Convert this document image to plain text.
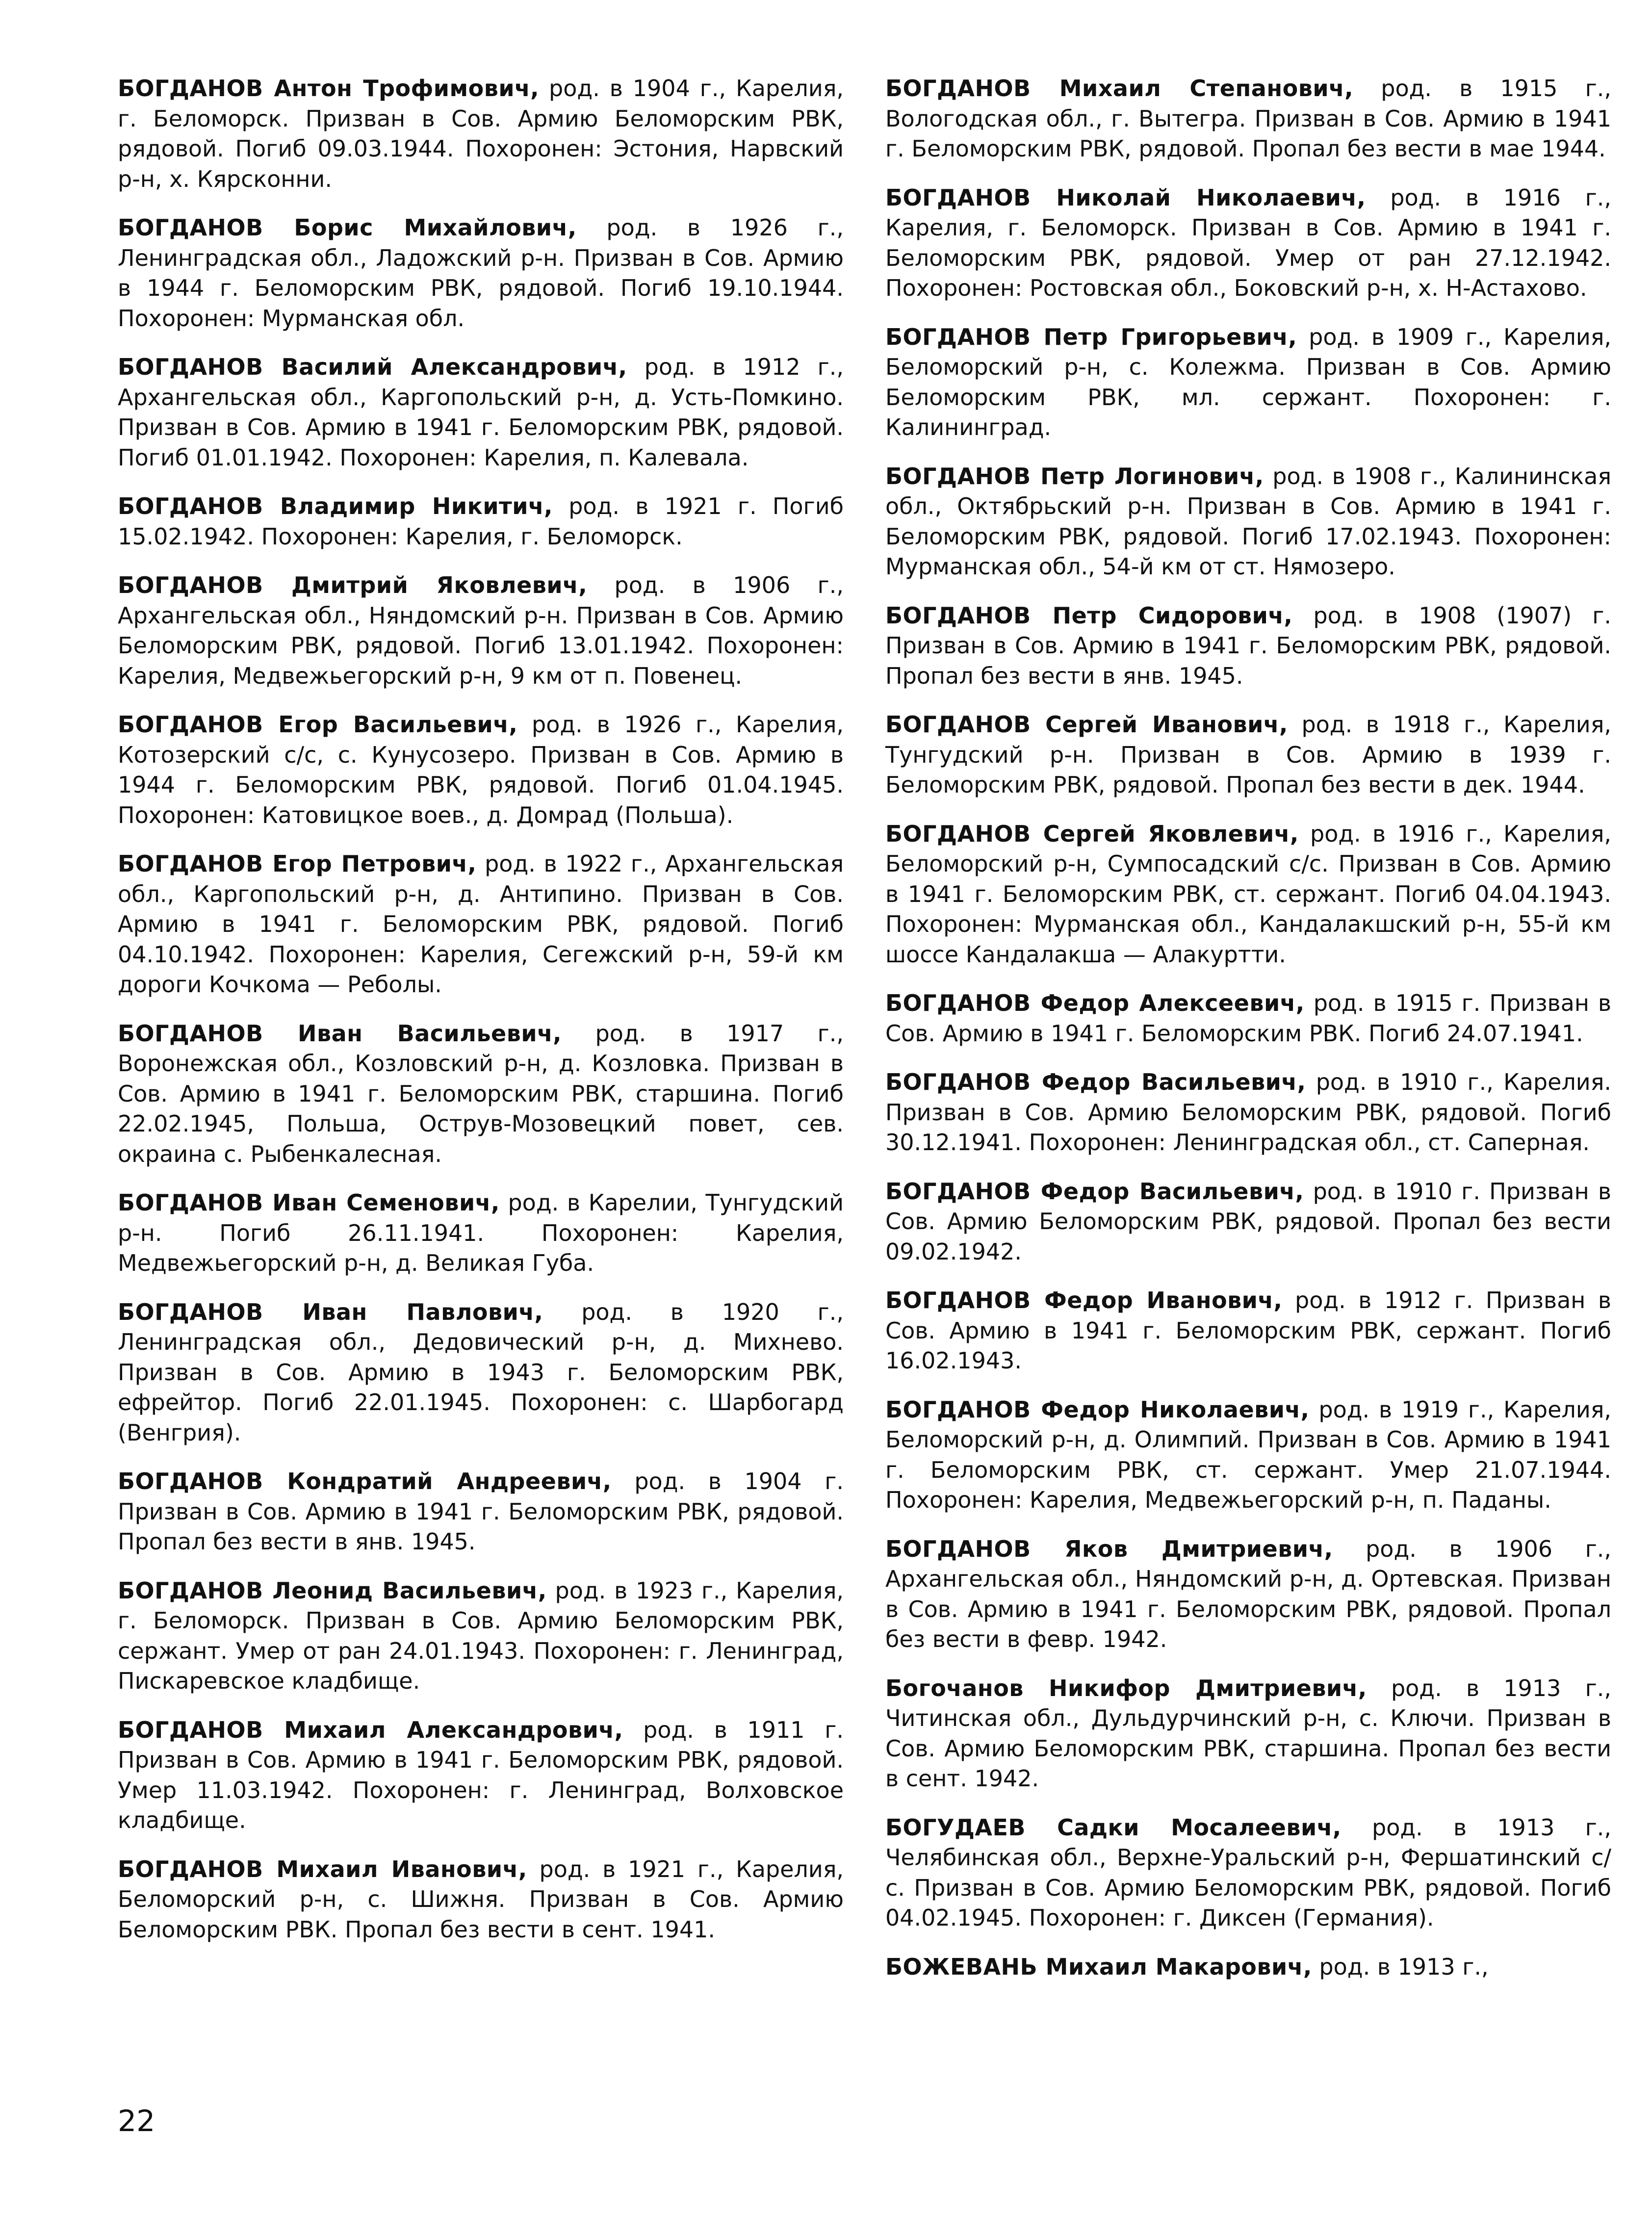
БОГДАНОВ Антон Трофимович, род. в 1904 г., Карелия, г. Беломорск. Призван в Сов. Армию Беломорским РВК, рядовой. Погиб 09.03.1944. Похоронен: Эстония, Нарвский р-н, х. Кярсконни.

БОГДАНОВ Борис Михайлович, род. в 1926 г., Ленинградская обл., Ладожский р-н. Призван в Сов. Армию в 1944 г. Беломорским РВК, рядовой. Погиб 19.10.1944. Похоронен: Мурманская обл.

БОГДАНОВ Василий Александрович, род. в 1912 г., Архангельская обл., Каргопольский р-н, д. Усть-Помкино. Призван в Сов. Армию в 1941 г. Беломорским РВК, рядовой. Погиб 01.01.1942. Похоронен: Карелия, п. Калевала.

БОГДАНОВ Владимир Никитич, род. в 1921 г. Погиб 15.02.1942. Похоронен: Карелия, г. Беломорск.

БОГДАНОВ Дмитрий Яковлевич, род. в 1906 г., Архангельская обл., Няндомский р-н. Призван в Сов. Армию Беломорским РВК, рядовой. Погиб 13.01.1942. Похоронен: Карелия, Медвежьегорский р-н, 9 км от п. Повенец.

БОГДАНОВ Егор Васильевич, род. в 1926 г., Карелия, Котозерский с/с, с. Кунусозеро. Призван в Сов. Армию в 1944 г. Беломорским РВК, рядовой. Погиб 01.04.1945. Похоронен: Катовицкое воев., д. Домрад (Польша).

БОГДАНОВ Егор Петрович, род. в 1922 г., Архангельская обл., Каргопольский р-н, д. Антипино. Призван в Сов. Армию в 1941 г. Беломорским РВК, рядовой. Погиб 04.10.1942. Похоронен: Карелия, Сегежский р-н, 59-й км дороги Кочкома — Реболы.

БОГДАНОВ Иван Васильевич, род. в 1917 г., Воронежская обл., Козловский р-н, д. Козловка. Призван в Сов. Армию в 1941 г. Беломорским РВК, старшина. Погиб 22.02.1945, Польша, Острув-Мозовецкий повет, сев. окраина с. Рыбенкалесная.

БОГДАНОВ Иван Семенович, род. в Карелии, Тунгудский р-н. Погиб 26.11.1941. Похоронен: Карелия, Медвежьегорский р-н, д. Великая Губа.

БОГДАНОВ Иван Павлович, род. в 1920 г., Ленинградская обл., Дедовический р-н, д. Михнево. Призван в Сов. Армию в 1943 г. Беломорским РВК, ефрейтор. Погиб 22.01.1945. Похоронен: с. Шарбогард (Венгрия).

БОГДАНОВ Кондратий Андреевич, род. в 1904 г. Призван в Сов. Армию в 1941 г. Беломорским РВК, рядовой. Пропал без вести в янв. 1945.

БОГДАНОВ Леонид Васильевич, род. в 1923 г., Карелия, г. Беломорск. Призван в Сов. Армию Беломорским РВК, сержант. Умер от ран 24.01.1943. Похоронен: г. Ленинград, Пискаревское кладбище.

БОГДАНОВ Михаил Александрович, род. в 1911 г. Призван в Сов. Армию в 1941 г. Беломорским РВК, рядовой. Умер 11.03.1942. Похоронен: г. Ленинград, Волховское кладбище.

БОГДАНОВ Михаил Иванович, род. в 1921 г., Карелия, Беломорский р-н, с. Шижня. Призван в Сов. Армию Беломорским РВК. Пропал без вести в сент. 1941.

БОГДАНОВ Михаил Степанович, род. в 1915 г., Вологодская обл., г. Вытегра. Призван в Сов. Армию в 1941 г. Беломорским РВК, рядовой. Пропал без вести в мае 1944.

БОГДАНОВ Николай Николаевич, род. в 1916 г., Карелия, г. Беломорск. Призван в Сов. Армию в 1941 г. Беломорским РВК, рядовой. Умер от ран 27.12.1942. Похоронен: Ростовская обл., Боковский р-н, х. Н-Астахово.

БОГДАНОВ Петр Григорьевич, род. в 1909 г., Карелия, Беломорский р-н, с. Колежма. Призван в Сов. Армию Беломорским РВК, мл. сержант. Похоронен: г. Калининград.

БОГДАНОВ Петр Логинович, род. в 1908 г., Калининская обл., Октябрьский р-н. Призван в Сов. Армию в 1941 г. Беломорским РВК, рядовой. Погиб 17.02.1943. Похоронен: Мурманская обл., 54-й км от ст. Нямозеро.

БОГДАНОВ Петр Сидорович, род. в 1908 (1907) г. Призван в Сов. Армию в 1941 г. Беломорским РВК, рядовой. Пропал без вести в янв. 1945.

БОГДАНОВ Сергей Иванович, род. в 1918 г., Карелия, Тунгудский р-н. Призван в Сов. Армию в 1939 г. Беломорским РВК, рядовой. Пропал без вести в дек. 1944.

БОГДАНОВ Сергей Яковлевич, род. в 1916 г., Карелия, Беломорский р-н, Сумпосадский с/с. Призван в Сов. Армию в 1941 г. Беломорским РВК, ст. сержант. Погиб 04.04.1943. Похоронен: Мурманская обл., Кандалакшский р-н, 55-й км шоссе Кандалакша — Алакуртти.

БОГДАНОВ Федор Алексеевич, род. в 1915 г. Призван в Сов. Армию в 1941 г. Беломорским РВК. Погиб 24.07.1941.

БОГДАНОВ Федор Васильевич, род. в 1910 г., Карелия. Призван в Сов. Армию Беломорским РВК, рядовой. Погиб 30.12.1941. Похоронен: Ленинградская обл., ст. Саперная.

БОГДАНОВ Федор Васильевич, род. в 1910 г. Призван в Сов. Армию Беломорским РВК, рядовой. Пропал без вести 09.02.1942.

БОГДАНОВ Федор Иванович, род. в 1912 г. Призван в Сов. Армию в 1941 г. Беломорским РВК, сержант. Погиб 16.02.1943.

БОГДАНОВ Федор Николаевич, род. в 1919 г., Карелия, Беломорский р-н, д. Олимпий. Призван в Сов. Армию в 1941 г. Беломорским РВК, ст. сержант. Умер 21.07.1944. Похоронен: Карелия, Медвежьегорский р-н, п. Паданы.

БОГДАНОВ Яков Дмитриевич, род. в 1906 г., Архангельская обл., Няндомский р-н, д. Ортевская. Призван в Сов. Армию в 1941 г. Беломорским РВК, рядовой. Пропал без вести в февр. 1942.

Богочанов Никифор Дмитриевич, род. в 1913 г., Читинская обл., Дульдурчинский р-н, с. Ключи. Призван в Сов. Армию Беломорским РВК, старшина. Пропал без вести в сент. 1942.

БОГУДАЕВ Садки Мосалеевич, род. в 1913 г., Челябинская обл., Верхне-Уральский р-н, Фершатинский с/с. Призван в Сов. Армию Беломорским РВК, рядовой. Погиб 04.02.1945. Похоронен: г. Диксен (Германия).

БОЖЕВАНЬ Михаил Макарович, род. в 1913 г.,

22
